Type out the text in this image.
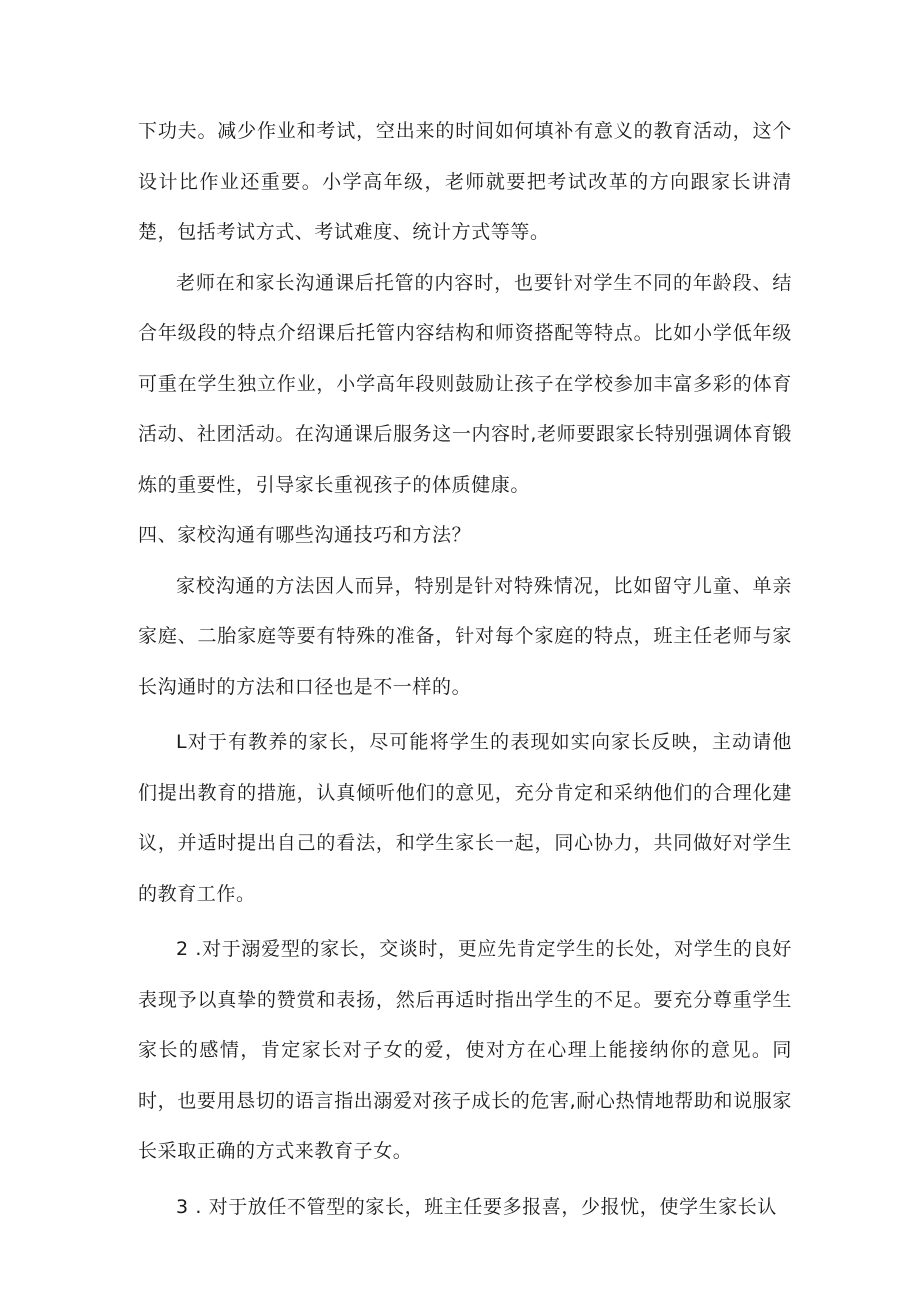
下功夫。减少作业和考试，空出来的时间如何填补有意义的教育活动，这个设计比作业还重要。小学高年级，老师就要把考试改革的方向跟家长讲清楚，包括考试方式、考试难度、统计方式等等。

老师在和家长沟通课后托管的内容时，也要针对学生不同的年龄段、结合年级段的特点介绍课后托管内容结构和师资搭配等特点。比如小学低年级可重在学生独立作业，小学高年段则鼓励让孩子在学校参加丰富多彩的体育活动、社团活动。在沟通课后服务这一内容时,老师要跟家长特别强调体育锻炼的重要性，引导家长重视孩子的体质健康。

四、家校沟通有哪些沟通技巧和方法？

家校沟通的方法因人而异，特别是针对特殊情况，比如留守儿童、单亲家庭、二胎家庭等要有特殊的准备，针对每个家庭的特点，班主任老师与家长沟通时的方法和口径也是不一样的。

L对于有教养的家长，尽可能将学生的表现如实向家长反映，主动请他们提出教育的措施，认真倾听他们的意见，充分肯定和采纳他们的合理化建议，并适时提出自己的看法，和学生家长一起，同心协力，共同做好对学生的教育工作。

2 .对于溺爱型的家长，交谈时，更应先肯定学生的长处，对学生的良好表现予以真挚的赞赏和表扬，然后再适时指出学生的不足。要充分尊重学生家长的感情，肯定家长对子女的爱，使对方在心理上能接纳你的意见。同时，也要用恳切的语言指出溺爱对孩子成长的危害,耐心热情地帮助和说服家长采取正确的方式来教育子女。

3 . 对于放任不管型的家长，班主任要多报喜，少报忧，使学生家长认
